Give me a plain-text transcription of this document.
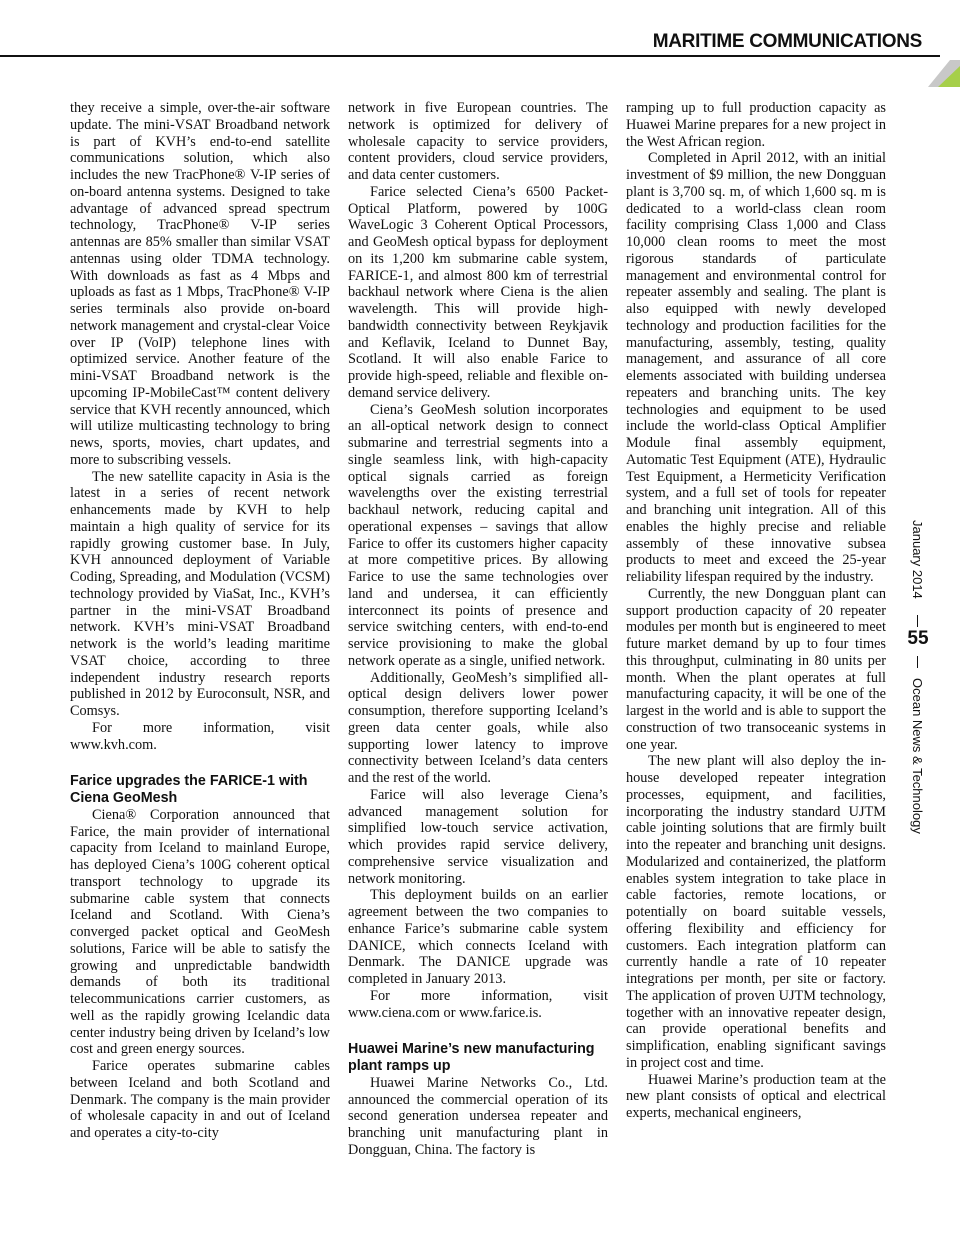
MARITIME COMMUNICATIONS

they receive a simple, over-the-air software update. The mini-VSAT Broadband network is part of KVH’s end-to-end satellite communications solution, which also includes the new TracPhone® V-IP series of on-board antenna systems. Designed to take advantage of advanced spread spectrum technology, TracPhone® V-IP series antennas are 85% smaller than similar VSAT antennas using older TDMA technology. With downloads as fast as 4 Mbps and uploads as fast as 1 Mbps, TracPhone® V-IP series terminals also provide on-board network management and crystal-clear Voice over IP (VoIP) telephone lines with optimized service. Another feature of the mini-VSAT Broadband network is the upcoming IP-MobileCast™ content delivery service that KVH recently announced, which will utilize multicasting technology to bring news, sports, movies, chart updates, and more to subscribing vessels.

The new satellite capacity in Asia is the latest in a series of recent network enhancements made by KVH to help maintain a high quality of service for its rapidly growing customer base. In July, KVH announced deployment of Variable Coding, Spreading, and Modulation (VCSM) technology provided by ViaSat, Inc., KVH’s partner in the mini-VSAT Broadband network. KVH’s mini-VSAT Broadband network is the world’s leading maritime VSAT choice, according to three independent industry research reports published in 2012 by Euroconsult, NSR, and Comsys.

For more information, visit www.kvh.com.

Farice upgrades the FARICE-1 with Ciena GeoMesh

Ciena® Corporation announced that Farice, the main provider of international capacity from Iceland to mainland Europe, has deployed Ciena’s 100G coherent optical transport technology to upgrade its submarine cable system that connects Iceland and Scotland. With Ciena’s converged packet optical and GeoMesh solutions, Farice will be able to satisfy the growing and unpredictable bandwidth demands of both its traditional telecommunications carrier customers, as well as the rapidly growing Icelandic data center industry being driven by Iceland’s low cost and green energy sources.

Farice operates submarine cables between Iceland and both Scotland and Denmark. The company is the main provider of wholesale capacity in and out of Iceland and operates a city-to-city

network in five European countries. The network is optimized for delivery of wholesale capacity to service providers, content providers, cloud service providers, and data center customers.

Farice selected Ciena’s 6500 Packet-Optical Platform, powered by 100G WaveLogic 3 Coherent Optical Processors, and GeoMesh optical bypass for deployment on its 1,200 km submarine cable system, FARICE-1, and almost 800 km of terrestrial backhaul network where Ciena is the alien wavelength. This will provide high-bandwidth connectivity between Reykjavik and Keflavik, Iceland to Dunnet Bay, Scotland. It will also enable Farice to provide high-speed, reliable and flexible on-demand service delivery.

Ciena’s GeoMesh solution incorporates an all-optical network design to connect submarine and terrestrial segments into a single seamless link, with high-capacity optical signals carried as foreign wavelengths over the existing terrestrial backhaul network, reducing capital and operational expenses – savings that allow Farice to offer its customers higher capacity at more competitive prices. By allowing Farice to use the same technologies over land and undersea, it can efficiently interconnect its points of presence and service switching centers, with end-to-end service provisioning to make the global network operate as a single, unified network.

Additionally, GeoMesh’s simplified all-optical design delivers lower power consumption, therefore supporting Iceland’s green data center goals, while also supporting lower latency to improve connectivity between Iceland’s data centers and the rest of the world.

Farice will also leverage Ciena’s advanced management solution for simplified low-touch service activation, which provides rapid service delivery, comprehensive service visualization and network monitoring.

This deployment builds on an earlier agreement between the two companies to enhance Farice’s submarine cable system DANICE, which connects Iceland with Denmark. The DANICE upgrade was completed in January 2013.

For more information, visit www.ciena.com or www.farice.is.

Huawei Marine’s new manufacturing plant ramps up

Huawei Marine Networks Co., Ltd. announced the commercial operation of its second generation undersea repeater and branching unit manufacturing plant in Dongguan, China. The factory is

ramping up to full production capacity as Huawei Marine prepares for a new project in the West African region.

Completed in April 2012, with an initial investment of $9 million, the new Dongguan plant is 3,700 sq. m, of which 1,600 sq. m is dedicated to a world-class clean room facility comprising Class 1,000 and Class 10,000 clean rooms to meet the most rigorous standards of particulate management and environmental control for repeater assembly and sealing. The plant is also equipped with newly developed technology and production facilities for the manufacturing, assembly, testing, quality management, and assurance of all core elements associated with building undersea repeaters and branching units. The key technologies and equipment to be used include the world-class Optical Amplifier Module final assembly equipment, Automatic Test Equipment (ATE), Hydraulic Test Equipment, a Hermeticity Verification system, and a full set of tools for repeater and branching unit integration. All of this enables the highly precise and reliable assembly of these innovative subsea products to meet and exceed the 25-year reliability lifespan required by the industry.

Currently, the new Dongguan plant can support production capacity of 20 repeater modules per month but is engineered to meet future market demand by up to four times this throughput, culminating in 80 units per month. When the plant operates at full manufacturing capacity, it will be one of the largest in the world and is able to support the construction of two transoceanic systems in one year.

The new plant will also deploy the in-house developed repeater integration processes, equipment, and facilities, incorporating the industry standard UJTM cable jointing solutions that are firmly built into the repeater and branching unit designs. Modularized and containerized, the platform enables system integration to take place in cable factories, remote locations, or potentially on board suitable vessels, offering flexibility and efficiency for customers. Each integration platform can currently handle a rate of 10 repeater integrations per month, per site or factory. The application of proven UJTM technology, together with an innovative repeater design, can provide operational benefits and simplification, enabling significant savings in project cost and time.

Huawei Marine’s production team at the new plant consists of optical and electrical experts, mechanical engineers,

January 2014
55
Ocean News & Technology
